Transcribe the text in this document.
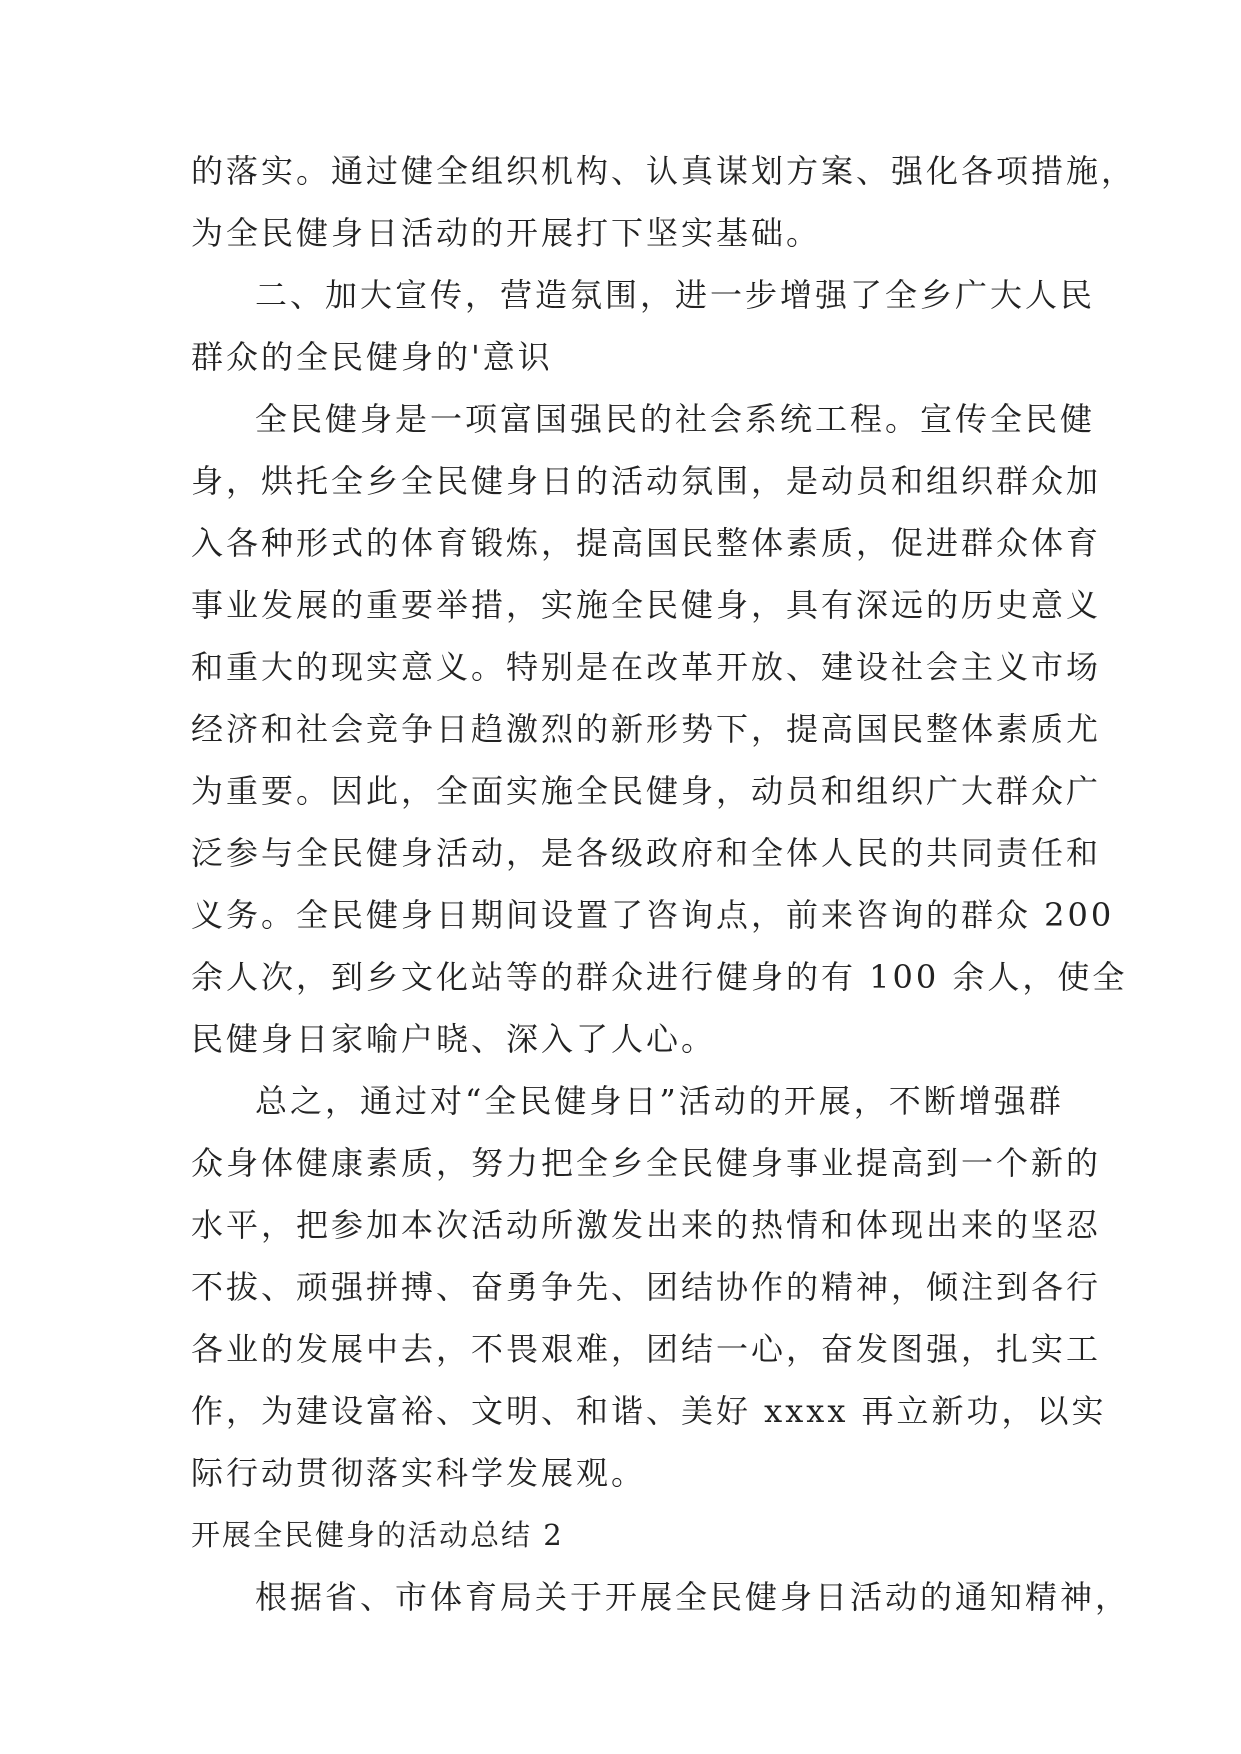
的落实。通过健全组织机构、认真谋划方案、强化各项措施，
为全民健身日活动的开展打下坚实基础。
二、加大宣传，营造氛围，进一步增强了全乡广大人民
群众的全民健身的'意识
全民健身是一项富国强民的社会系统工程。宣传全民健
身，烘托全乡全民健身日的活动氛围，是动员和组织群众加
入各种形式的体育锻炼，提高国民整体素质，促进群众体育
事业发展的重要举措，实施全民健身，具有深远的历史意义
和重大的现实意义。特别是在改革开放、建设社会主义市场
经济和社会竞争日趋激烈的新形势下，提高国民整体素质尤
为重要。因此，全面实施全民健身，动员和组织广大群众广
泛参与全民健身活动，是各级政府和全体人民的共同责任和
义务。全民健身日期间设置了咨询点，前来咨询的群众 200
余人次，到乡文化站等的群众进行健身的有 100 余人，使全
民健身日家喻户晓、深入了人心。
总之，通过对“全民健身日”活动的开展，不断增强群
众身体健康素质，努力把全乡全民健身事业提高到一个新的
水平，把参加本次活动所激发出来的热情和体现出来的坚忍
不拔、顽强拼搏、奋勇争先、团结协作的精神，倾注到各行
各业的发展中去，不畏艰难，团结一心，奋发图强，扎实工
作，为建设富裕、文明、和谐、美好 xxxx 再立新功，以实
际行动贯彻落实科学发展观。
开展全民健身的活动总结 2
根据省、市体育局关于开展全民健身日活动的通知精神，
